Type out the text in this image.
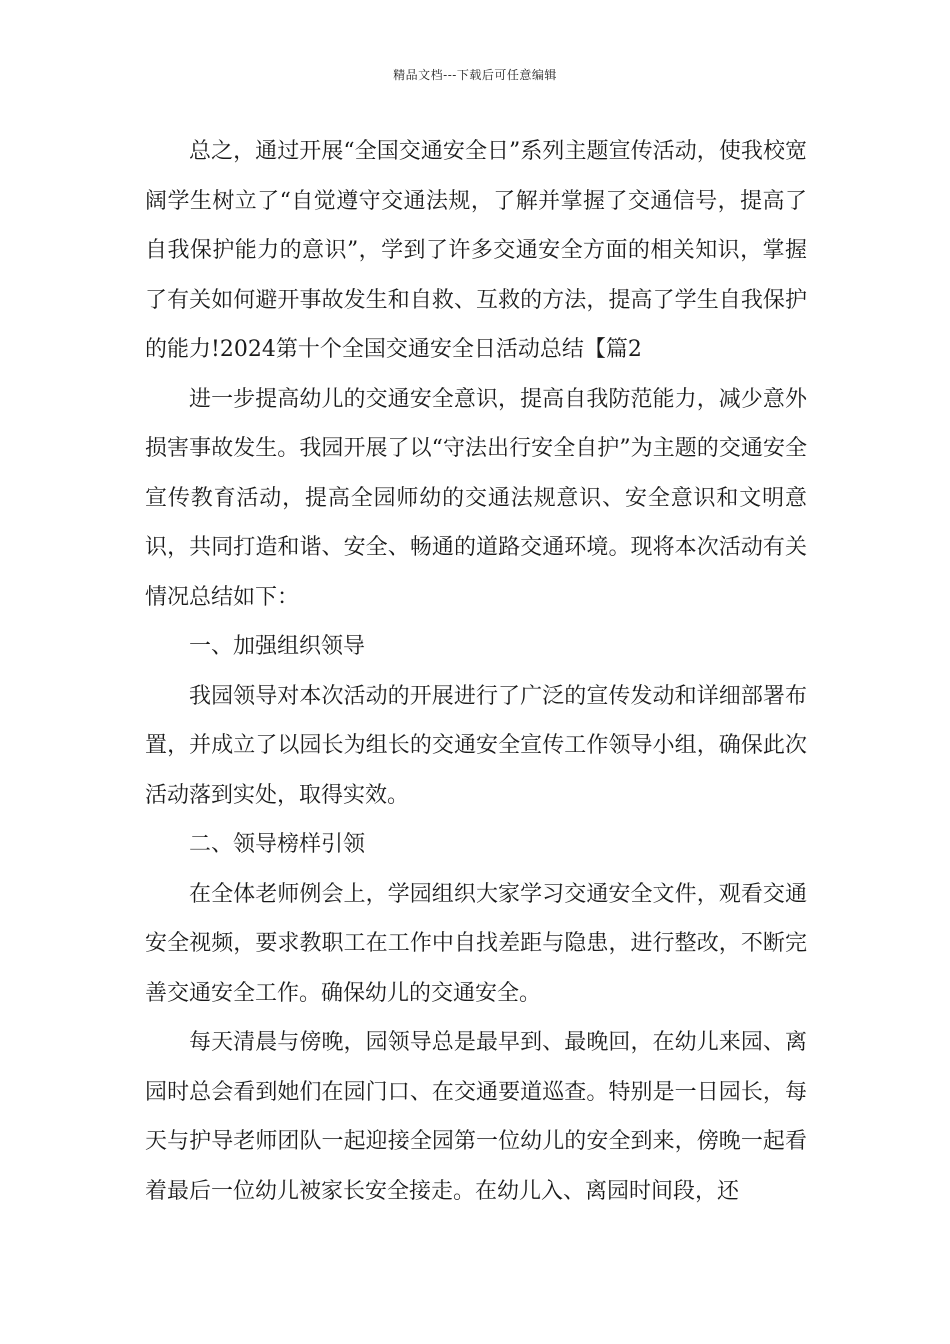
精品文档---下载后可任意编辑

总之，通过开展“全国交通安全日”系列主题宣传活动，使我校宽阔学生树立了“自觉遵守交通法规，了解并掌握了交通信号，提高了自我保护能力的意识”，学到了许多交通安全方面的相关知识，掌握了有关如何避开事故发生和自救、互救的方法，提高了学生自我保护的能力!2024第十个全国交通安全日活动总结【篇2

进一步提高幼儿的交通安全意识，提高自我防范能力，减少意外损害事故发生。我园开展了以“守法出行安全自护”为主题的交通安全宣传教育活动，提高全园师幼的交通法规意识、安全意识和文明意识，共同打造和谐、安全、畅通的道路交通环境。现将本次活动有关情况总结如下：

一、加强组织领导

我园领导对本次活动的开展进行了广泛的宣传发动和详细部署布置，并成立了以园长为组长的交通安全宣传工作领导小组，确保此次活动落到实处，取得实效。

二、领导榜样引领

在全体老师例会上，学园组织大家学习交通安全文件，观看交通安全视频，要求教职工在工作中自找差距与隐患，进行整改，不断完善交通安全工作。确保幼儿的交通安全。

每天清晨与傍晚，园领导总是最早到、最晚回，在幼儿来园、离园时总会看到她们在园门口、在交通要道巡查。特别是一日园长，每天与护导老师团队一起迎接全园第一位幼儿的安全到来，傍晚一起看着最后一位幼儿被家长安全接走。在幼儿入、离园时间段，还
